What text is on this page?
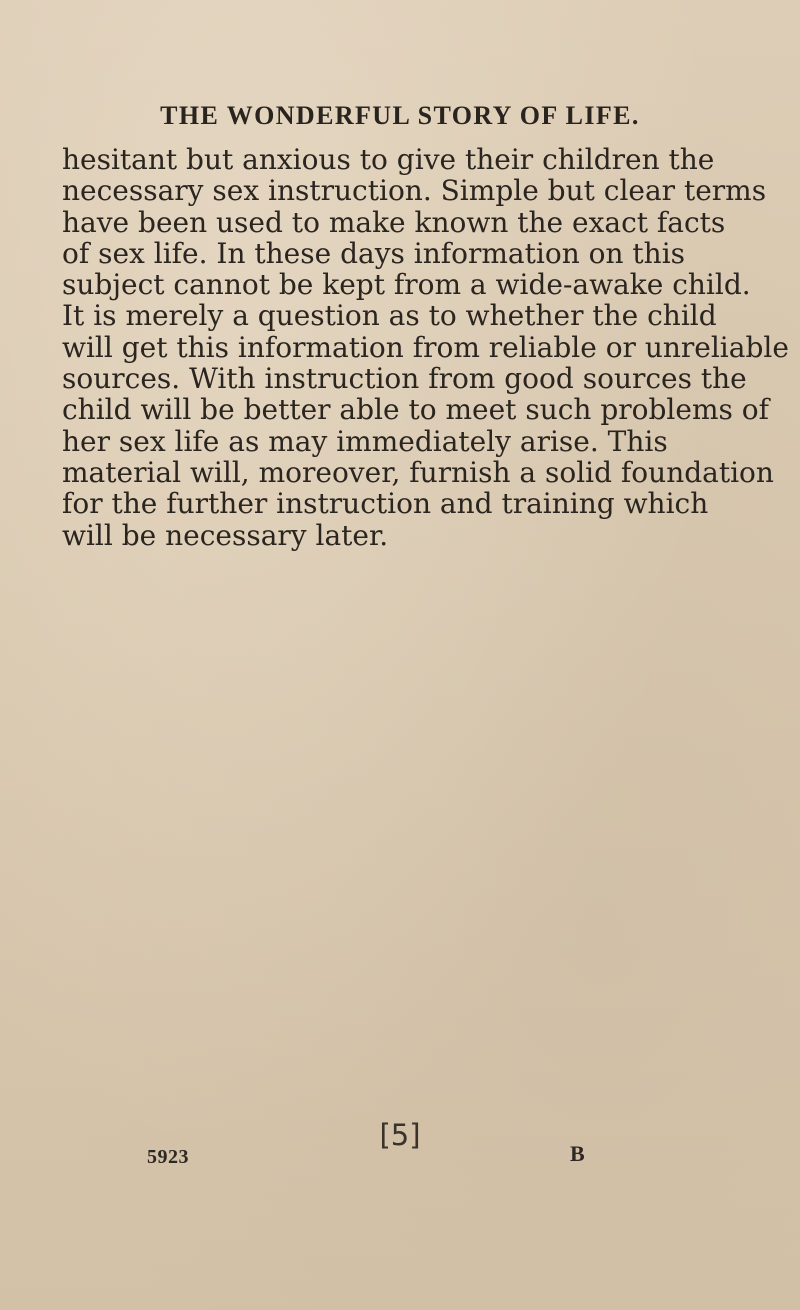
THE WONDERFUL STORY OF LIFE.
hesitant but anxious to give their children the
necessary sex instruction. Simple but clear terms
have been used to make known the exact facts
of sex life. In these days information on this
subject cannot be kept from a wide-awake child.
It is merely a question as to whether the child
will get this information from reliable or unreliable
sources. With instruction from good sources the
child will be better able to meet such problems of
her sex life as may immediately arise. This
material will, moreover, furnish a solid foundation
for the further instruction and training which
will be necessary later.
[5]
5923	B
